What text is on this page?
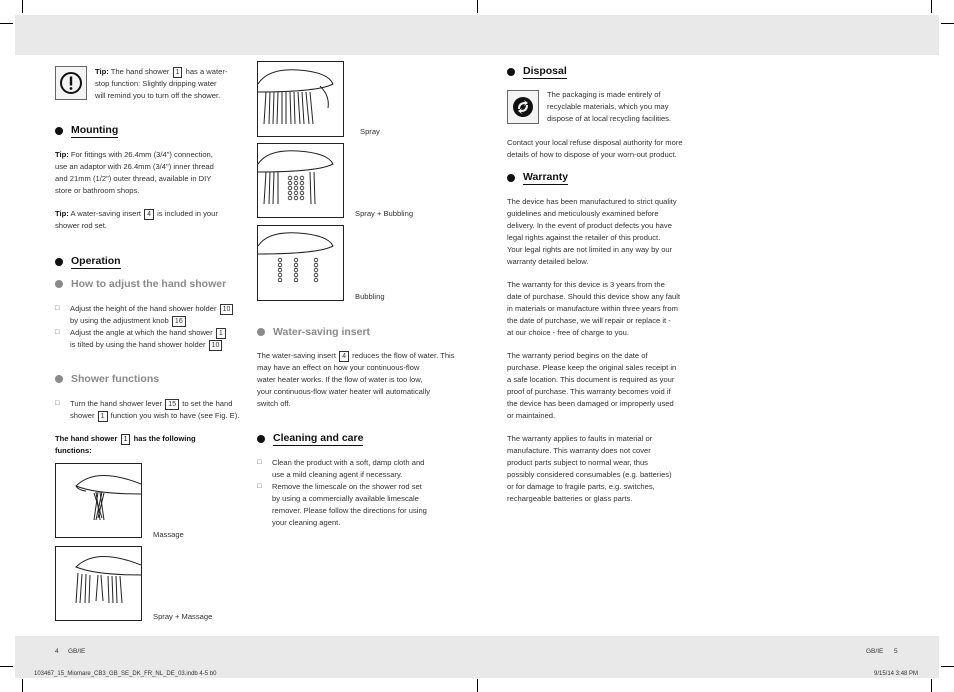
Tip: The hand shower 1 has a water-
stop function: Slightly dripping water
will remind you to turn off the shower.
Mounting
Tip: For fittings with 26.4mm (3/4") connection,
use an adaptor with 26.4mm (3/4") inner thread
and 21mm (1/2") outer thread, available in DIY
store or bathroom shops.
Tip: A water-saving insert 4 is included in your
shower rod set.
Operation
How to adjust the hand shower
□ Adjust the height of the hand shower holder 10
by using the adjustment knob 16
□ Adjust the angle at which the hand shower 1
is tilted by using the hand shower holder 10
Shower functions
□ Turn the hand shower lever 15 to set the hand
shower 1 function you wish to have (see Fig. E).
The hand shower 1 has the following
functions:
Massage
Spray + Massage
Spray
Spray + Bubbling
Bubbling
Water-saving insert
The water-saving insert 4 reduces the flow of water. This
may have an effect on how your continuous-flow
water heater works. If the flow of water is too low,
your continuous-flow water heater will automatically
switch off.
Cleaning and care
□ Clean the product with a soft, damp cloth and
use a mild cleaning agent if necessary.
□ Remove the limescale on the shower rod set
by using a commercially available limescale
remover. Please follow the directions for using
your cleaning agent.
Disposal
The packaging is made entirely of
recyclable materials, which you may
dispose of at local recycling facilities.
Contact your local refuse disposal authority for more
details of how to dispose of your worn-out product.
Warranty
The device has been manufactured to strict quality
guidelines and meticulously examined before
delivery. In the event of product defects you have
legal rights against the retailer of this product.
Your legal rights are not limited in any way by our
warranty detailed below.
The warranty for this device is 3 years from the
date of purchase. Should this device show any fault
in materials or manufacture within three years from
the date of purchase, we will repair or replace it -
at our choice - free of charge to you.
The warranty period begins on the date of
purchase. Please keep the original sales receipt in
a safe location. This document is required as your
proof of purchase. This warranty becomes void if
the device has been damaged or improperly used
or maintained.
The warranty applies to faults in material or
manufacture. This warranty does not cover
product parts subject to normal wear, thus
possibly considered consumables (e.g. batteries)
or for damage to fragile parts, e.g. switches,
rechargeable batteries or glass parts.
4 GB/IE	GB/IE 5
103467_15_Miomare_CB3_GB_SE_DK_FR_NL_DE_03.indb 4-5 b0	9/15/14 3:48 PM
